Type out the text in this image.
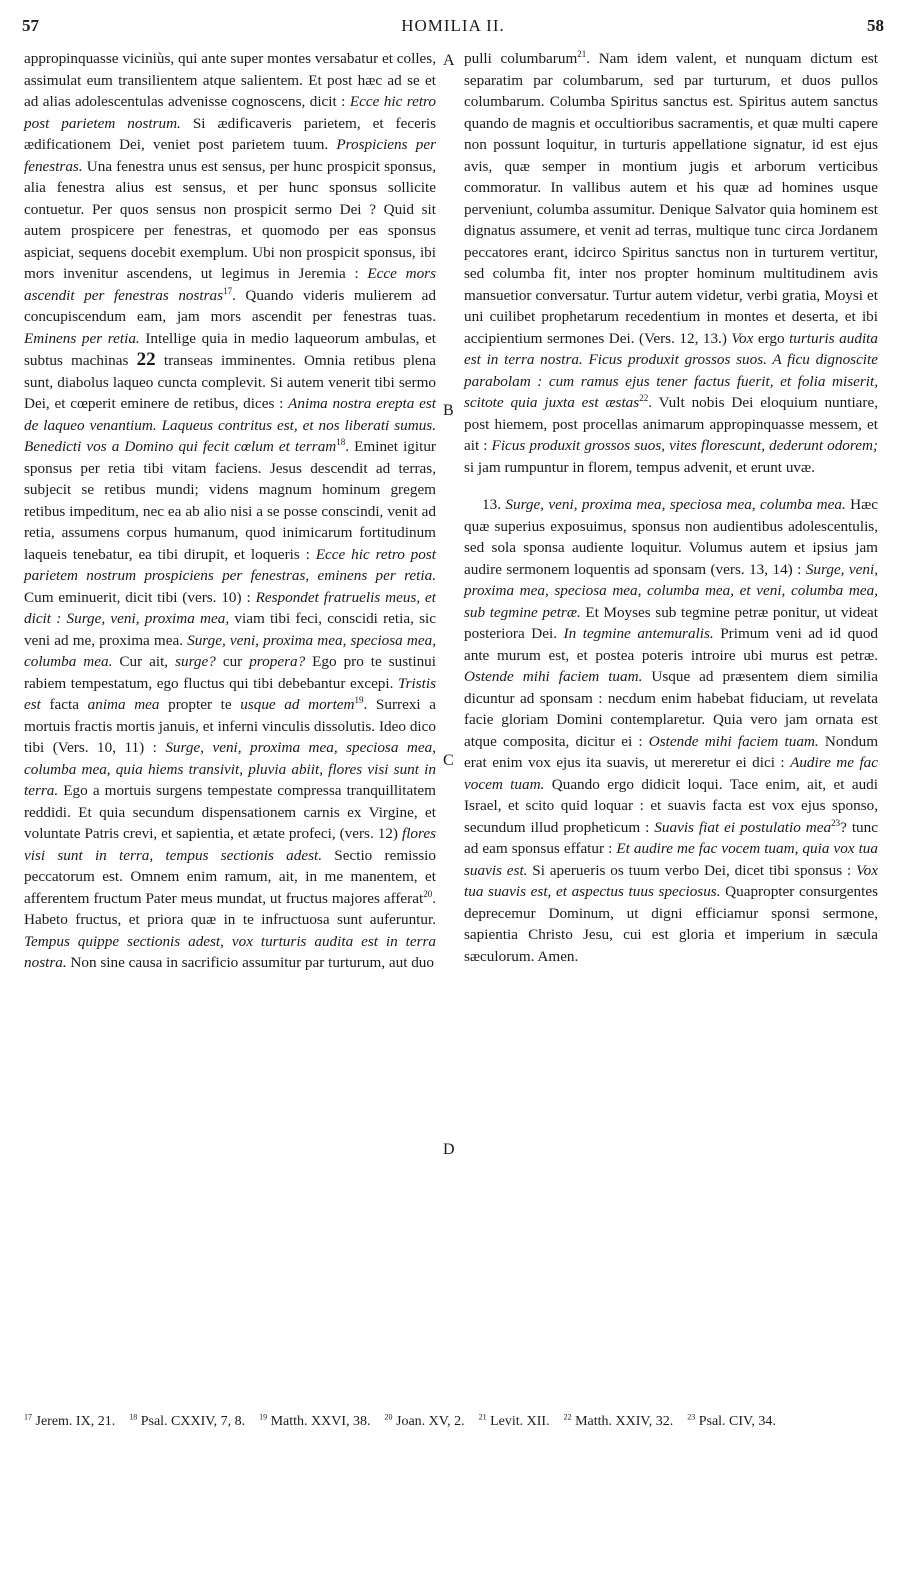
57	HOMILIA II.	58
A
B
C
D

appropinquasse viciniùs, qui ante super montes versabatur et colles, assimulat eum transilientem atque salientem. Et post hæc ad se et ad alias adolescentulas advenisse cognoscens, dicit : Ecce hic retro post parietem nostrum. Si ædificaveris parietem, et feceris ædificationem Dei, veniet post parietem tuum. Prospiciens per fenestras. Una fenestra unus est sensus, per hunc prospicit sponsus, alia fenestra alius est sensus, et per hunc sponsus sollicite contuetur. Per quos sensus non prospicit sermo Dei ? Quid sit autem prospicere per fenestras, et quomodo per eas sponsus aspiciat, sequens docebit exemplum. Ubi non prospicit sponsus, ibi mors invenitur ascendens, ut legimus in Jeremia : Ecce mors ascendit per fenestras nostras$^{17}$. Quando videris mulierem ad concupiscendum eam, jam mors ascendit per fenestras tuas. Eminens per retia. Intellige quia in medio laqueorum ambulas, et subtus machinas 22 transeas imminentes. Omnia retibus plena sunt, diabolus laqueo cuncta complevit. Si autem venerit tibi sermo Dei, et cœperit eminere de retibus, dices : Anima nostra erepta est de laqueo venantium. Laqueus contritus est, et nos liberati sumus. Benedicti vos a Domino qui fecit cœlum et terram$^{18}$. Eminet igitur sponsus per retia tibi vitam faciens. Jesus descendit ad terras, subjecit se retibus mundi; videns magnum hominum gregem retibus impeditum, nec ea ab alio nisi a se posse conscindi, venit ad retia, assumens corpus humanum, quod inimicarum fortitudinum laqueis tenebatur, ea tibi dirupit, et loqueris : Ecce hic retro post parietem nostrum prospiciens per fenestras, eminens per retia. Cum eminuerit, dicit tibi (vers. 10) : Respondet fratruelis meus, et dicit : Surge, veni, proxima mea, viam tibi feci, conscidi retia, sic veni ad me, proxima mea. Surge, veni, proxima mea, speciosa mea, columba mea. Cur ait, surge? cur propera? Ego pro te sustinui rabiem tempestatum, ego fluctus qui tibi debebantur excepi. Tristis est facta anima mea propter te usque ad mortem$^{19}$. Surrexi a mortuis fractis mortis januis, et inferni vinculis dissolutis. Ideo dico tibi (Vers. 10, 11) : Surge, veni, proxima mea, speciosa mea, columba mea, quia hiems transivit, pluvia abiit, flores visi sunt in terra. Ego a mortuis surgens tempestate compressa tranquillitatem reddidi. Et quia secundum dispensationem carnis ex Virgine, et voluntate Patris crevi, et sapientia, et ætate profeci, (vers. 12) flores visi sunt in terra, tempus sectionis adest. Sectio remissio peccatorum est. Omnem enim ramum, ait, in me manentem, et afferentem fructum Pater meus mundat, ut fructus majores afferat$^{20}$. Habeto fructus, et priora quæ in te infructuosa sunt auferuntur. Tempus quippe sectionis adest, vox turturis audita est in terra nostra. Non sine causa in sacrificio assumitur par turturum, aut duo

pulli columbarum$^{21}$. Nam idem valent, et nunquam dictum est separatim par columbarum, sed par turturum, et duos pullos columbarum. Columba Spiritus sanctus est. Spiritus autem sanctus quando de magnis et occultioribus sacramentis, et quæ multi capere non possunt loquitur, in turturis appellatione signatur, id est ejus avis, quæ semper in montium jugis et arborum verticibus commoratur. In vallibus autem et his quæ ad homines usque perveniunt, columba assumitur. Denique Salvator quia hominem est dignatus assumere, et venit ad terras, multique tunc circa Jordanem peccatores erant, idcirco Spiritus sanctus non in turturem vertitur, sed columba fit, inter nos propter hominum multitudinem avis mansuetior conversatur. Turtur autem videtur, verbi gratia, Moysi et uni cuilibet prophetarum recedentium in montes et deserta, et ibi accipientium sermones Dei. (Vers. 12, 13.) Vox ergo turturis audita est in terra nostra. Ficus produxit grossos suos. A ficu dignoscite parabolam : cum ramus ejus tener factus fuerit, et folia miserit, scitote quia juxta est æstas$^{22}$. Vult nobis Dei eloquium nuntiare, post hiemem, post procellas animarum appropinquasse messem, et ait : Ficus produxit grossos suos, vites florescunt, dederunt odorem; si jam rumpuntur in florem, tempus advenit, et erunt uvæ.

13. Surge, veni, proxima mea, speciosa mea, columba mea. Hæc quæ superius exposuimus, sponsus non audientibus adolescentulis, sed sola sponsa audiente loquitur. Volumus autem et ipsius jam audire sermonem loquentis ad sponsam (vers. 13, 14) : Surge, veni, proxima mea, speciosa mea, columba mea, et veni, columba mea, sub tegmine petræ. Et Moyses sub tegmine petræ ponitur, ut videat posteriora Dei. In tegmine antemuralis. Primum veni ad id quod ante murum est, et postea poteris introire ubi murus est petræ. Ostende mihi faciem tuam. Usque ad præsentem diem similia dicuntur ad sponsam : necdum enim habebat fiduciam, ut revelata facie gloriam Domini contemplaretur. Quia vero jam ornata est atque composita, dicitur ei : Ostende mihi faciem tuam. Nondum erat enim vox ejus ita suavis, ut mereretur ei dici : Audire me fac vocem tuam. Quando ergo didicit loqui. Tace enim, ait, et audi Israel, et scito quid loquar : et suavis facta est vox ejus sponso, secundum illud propheticum : Suavis fiat ei postulatio mea$^{23}$? tunc ad eam sponsus effatur : Et audire me fac vocem tuam, quia vox tua suavis est. Si aperueris os tuum verbo Dei, dicet tibi sponsus : Vox tua suavis est, et aspectus tuus speciosus. Quapropter consurgentes deprecemur Dominum, ut digni efficiamur sponsi sermone, sapientia Christo Jesu, cui est gloria et imperium in sæcula sæculorum. Amen.

$^{17}$ Jerem. IX, 21. $^{18}$ Psal. CXXIV, 7, 8. $^{19}$ Matth. XXVI, 38. $^{20}$ Joan. XV, 2. $^{21}$ Levit. XII. $^{22}$ Matth. XXIV, 32. $^{23}$ Psal. CIV, 34.
